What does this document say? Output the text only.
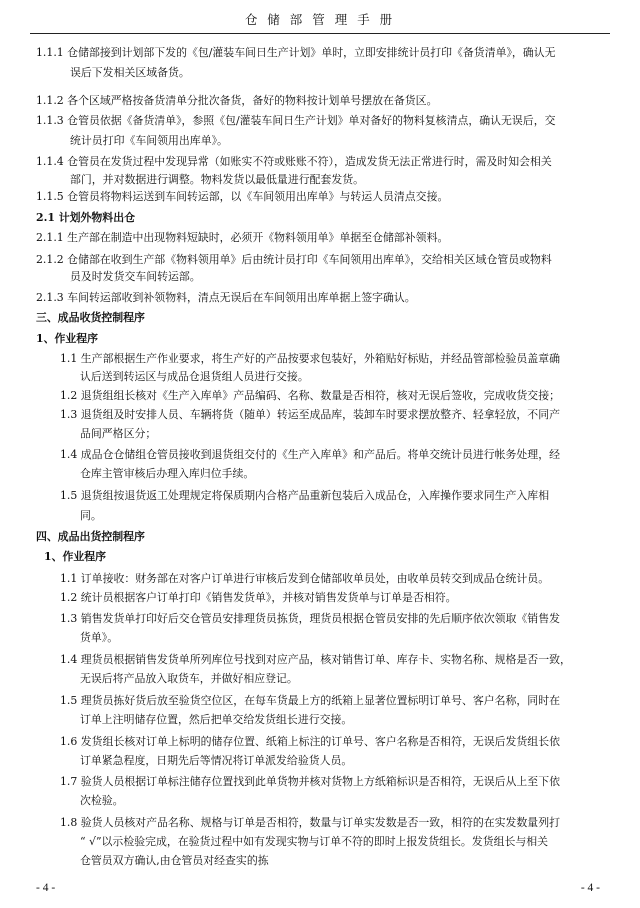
仓 储 部 管 理 手 册
1.1.1 仓储部接到计划部下发的《包/灌装车间日生产计划》单时，立即安排统计员打印《备货清单》，确认无
误后下发相关区域备货。
1.1.2 各个区域严格按备货清单分批次备货，备好的物料按计划单号摆放在备货区。
1.1.3 仓管员依据《备货清单》，参照《包/灌装车间日生产计划》单对备好的物料复核清点，确认无误后，交
统计员打印《车间领用出库单》。
1.1.4 仓管员在发货过程中发现异常（如账实不符或账账不符），造成发货无法正常进行时，需及时知会相关
部门，并对数据进行调整。物料发货以最低量进行配套发货。
1.1.5 仓管员将物料运送到车间转运部，以《车间领用出库单》与转运人员清点交接。
2.1 计划外物料出仓
2.1.1 生产部在制造中出现物料短缺时，必须开《物料领用单》单据至仓储部补领料。
2.1.2 仓储部在收到生产部《物料领用单》后由统计员打印《车间领用出库单》，交给相关区域仓管员或物料
员及时发货交车间转运部。
2.1.3 车间转运部收到补领物料，清点无误后在车间领用出库单据上签字确认。
三、成品收货控制程序
1、作业程序
1.1 生产部根据生产作业要求，将生产好的产品按要求包装好，外箱贴好标贴，并经品管部检验员盖章确
认后送到转运区与成品仓退货组人员进行交接。
1.2 退货组组长核对《生产入库单》产品编码、名称、数量是否相符，核对无误后签收，完成收货交接；
1.3 退货组及时安排人员、车辆将货（随单）转运至成品库，装卸车时要求摆放整齐、轻拿轻放，不同产
品间严格区分；
1.4 成品仓仓储组仓管员接收到退货组交付的《生产入库单》和产品后。将单交统计员进行帐务处理，经
仓库主管审核后办理入库归位手续。
1.5 退货组按退货返工处理规定将保质期内合格产品重新包装后入成品仓，入库操作要求同生产入库相
同。
四、成品出货控制程序
1、作业程序
1.1 订单接收：财务部在对客户订单进行审核后发到仓储部收单员处，由收单员转交到成品仓统计员。
1.2 统计员根据客户订单打印《销售发货单》，并核对销售发货单与订单是否相符。
1.3 销售发货单打印好后交仓管员安排理货员拣货，理货员根据仓管员安排的先后顺序依次领取《销售发
货单》。
1.4 理货员根据销售发货单所列库位号找到对应产品，核对销售订单、库存卡、实物名称、规格是否一致，
无误后将产品放入取货车，并做好相应登记。
1.5 理货员拣好货后放至验货空位区，在每车货最上方的纸箱上显著位置标明订单号、客户名称，同时在
订单上注明储存位置，然后把单交给发货组长进行交接。
1.6 发货组长核对订单上标明的储存位置、纸箱上标注的订单号、客户名称是否相符，无误后发货组长依
订单紧急程度，日期先后等情况将订单派发给验货人员。
1.7 验货人员根据订单标注储存位置找到此单货物并核对货物上方纸箱标识是否相符，无误后从上至下依
次检验。
1.8 验货人员核对产品名称、规格与订单是否相符，数量与订单实发数是否一致，相符的在实发数量列打
“ √”以示检验完成，在验货过程中如有发现实物与订单不符的即时上报发货组长。发货组长与相关
仓管员双方确认,由仓管员对经查实的拣
- 4 -	- 4 -
